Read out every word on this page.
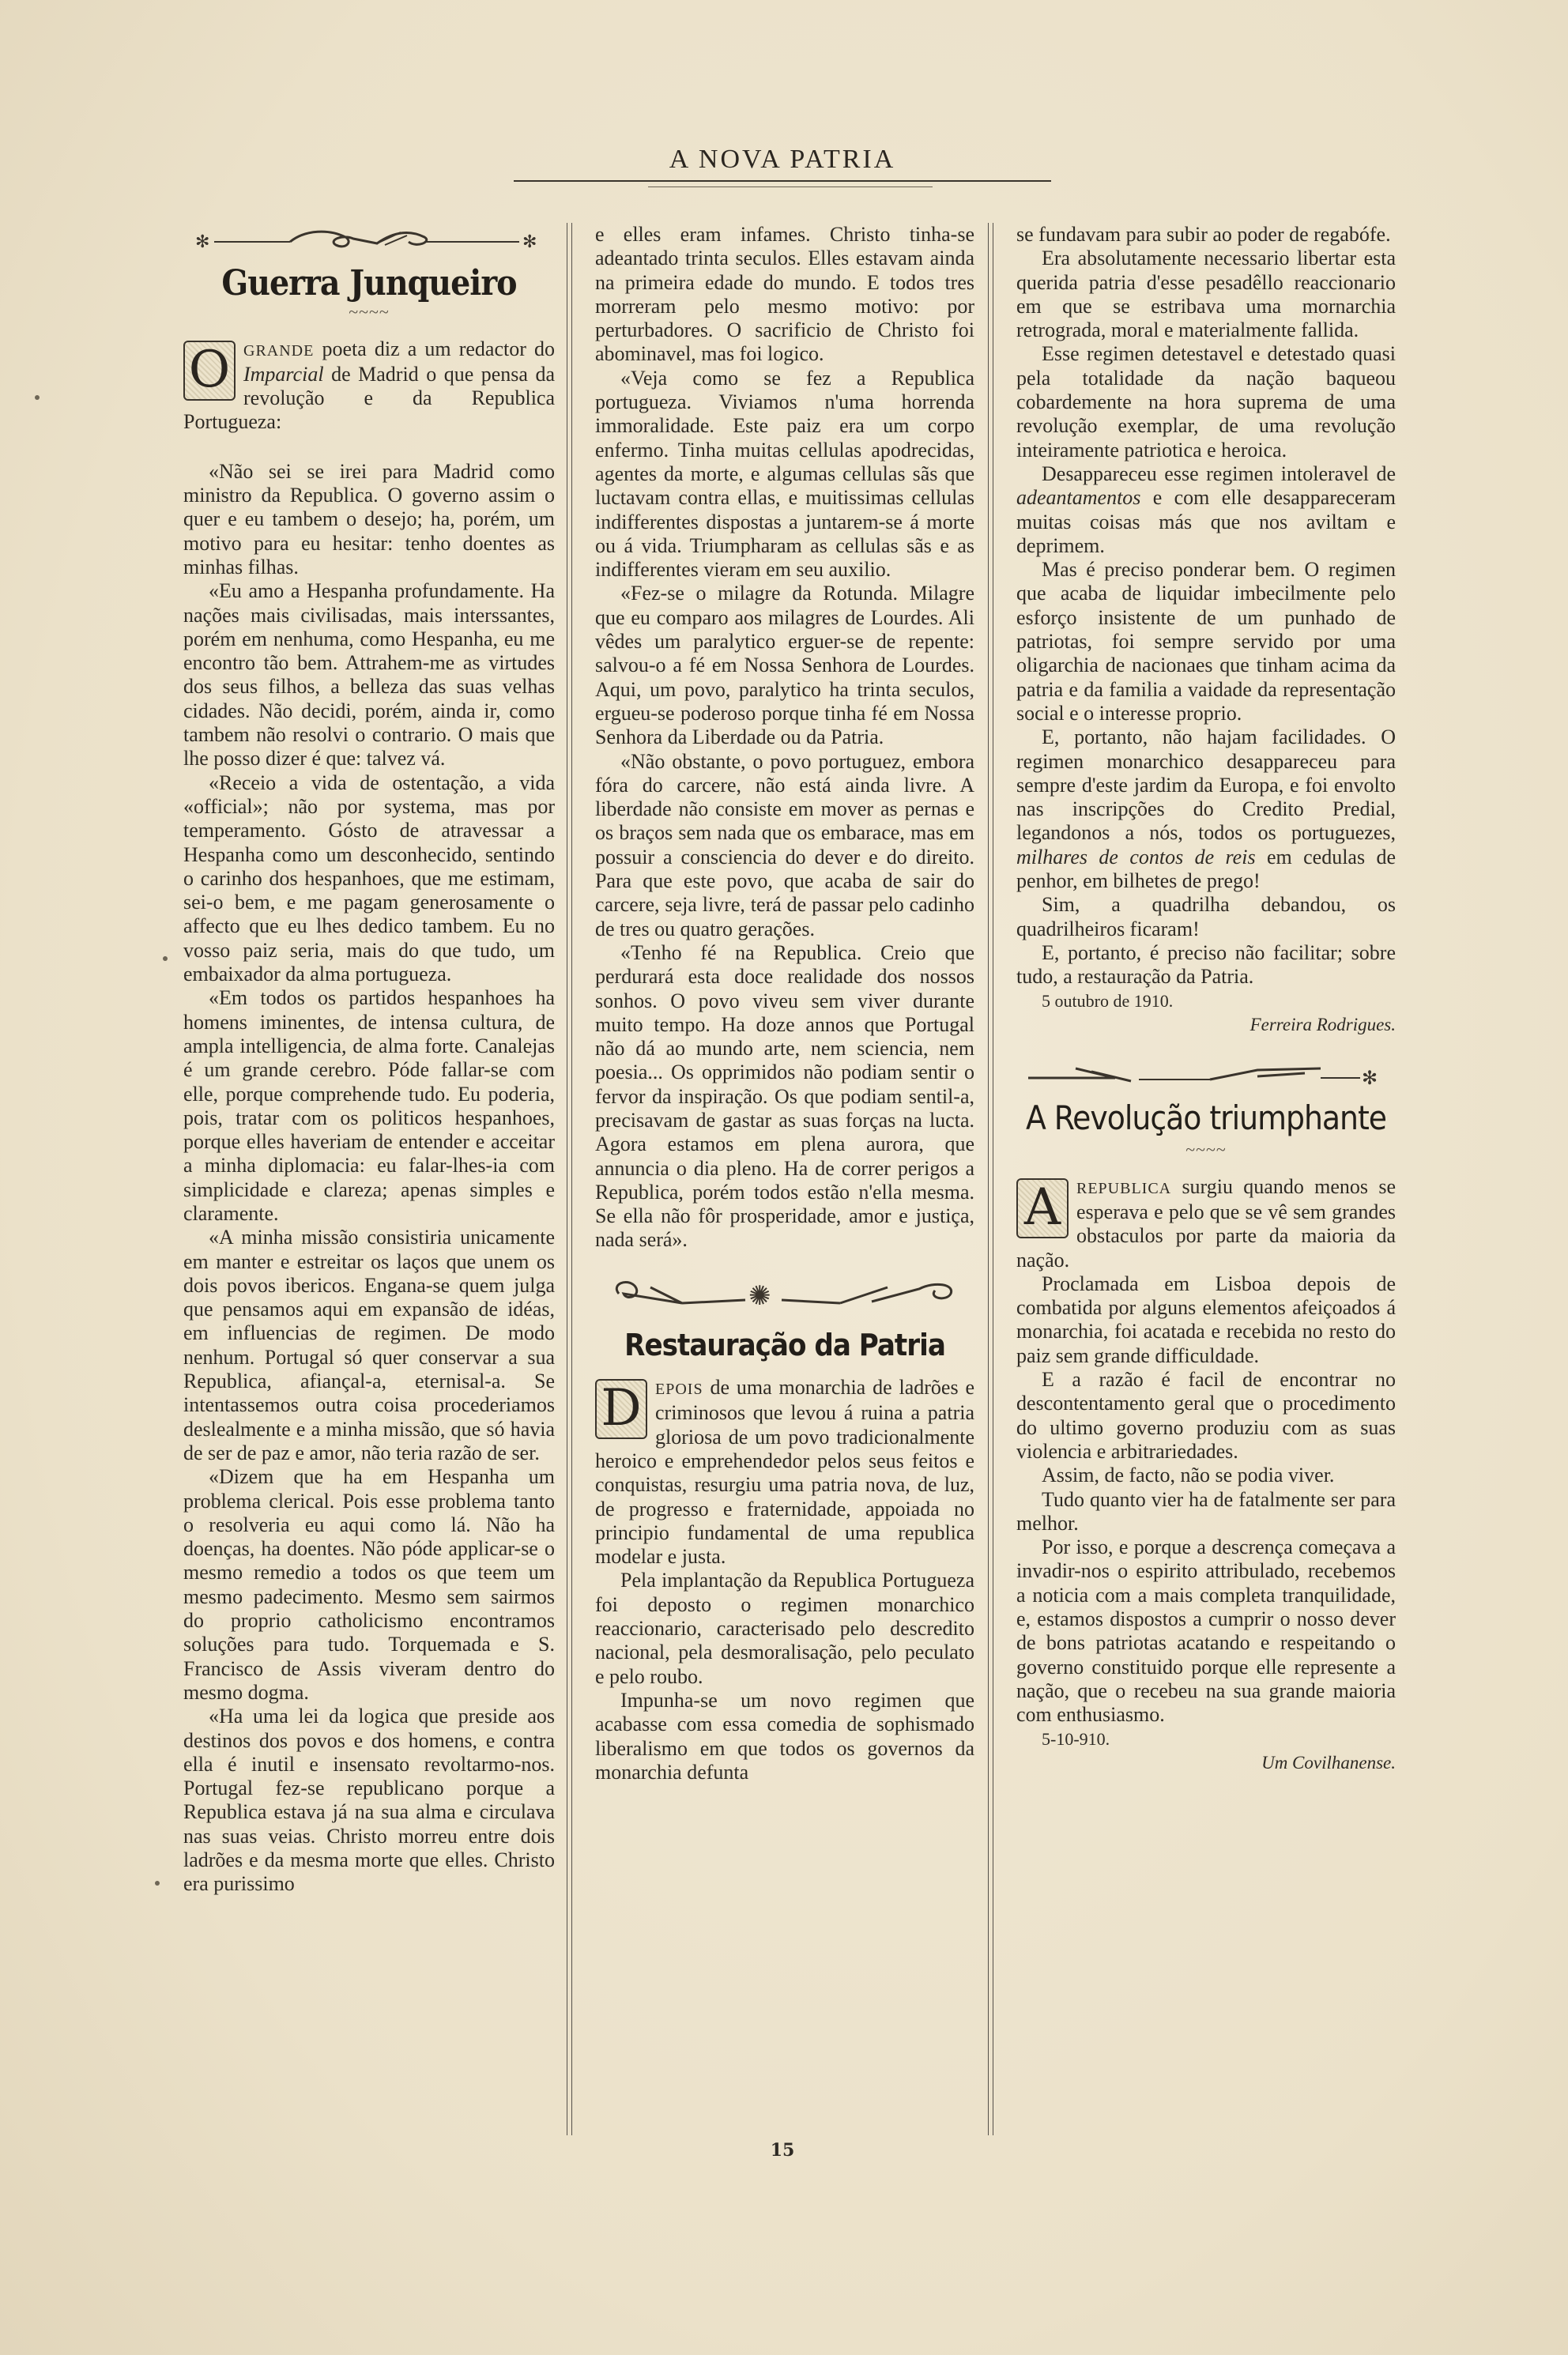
A NOVA PATRIA
✻	✻
Guerra Junqueiro
~~~~

O GRANDE poeta diz a um redactor do Imparcial de Madrid o que pensa da revolução e da Republica Portugueza:

«Não sei se irei para Madrid como ministro da Republica. O governo assim o quer e eu tambem o desejo; ha, porém, um motivo para eu hesitar: tenho doentes as minhas filhas.

«Eu amo a Hespanha profundamente. Ha nações mais civilisadas, mais interssantes, porém em nenhuma, como Hespanha, eu me encontro tão bem. Attrahem-me as virtudes dos seus filhos, a belleza das suas velhas cidades. Não decidi, porém, ainda ir, como tambem não resolvi o contrario. O mais que lhe posso dizer é que: talvez vá.

«Receio a vida de ostentação, a vida «official»; não por systema, mas por temperamento. Gósto de atravessar a Hespanha como um desconhecido, sentindo o carinho dos hespanhoes, que me estimam, sei-o bem, e me pagam generosamente o affecto que eu lhes dedico tambem. Eu no vosso paiz seria, mais do que tudo, um embaixador da alma portugueza.

«Em todos os partidos hespanhoes ha homens iminentes, de intensa cultura, de ampla intelligencia, de alma forte. Canalejas é um grande cerebro. Póde fallar-se com elle, porque comprehende tudo. Eu poderia, pois, tratar com os politicos hespanhoes, porque elles haveriam de entender e acceitar a minha diplomacia: eu falar-lhes-ia com simplicidade e clareza; apenas simples e claramente.

«A minha missão consistiria unicamente em manter e estreitar os laços que unem os dois povos ibericos. Engana-se quem julga que pensamos aqui em expansão de idéas, em influencias de regimen. De modo nenhum. Portugal só quer conservar a sua Republica, afiançal-a, eternisal-a. Se intentassemos outra coisa procederiamos deslealmente e a minha missão, que só havia de ser de paz e amor, não teria razão de ser.

«Dizem que ha em Hespanha um problema clerical. Pois esse problema tanto o resolveria eu aqui como lá. Não ha doenças, ha doentes. Não póde applicar-se o mesmo remedio a todos os que teem um mesmo padecimento. Mesmo sem sairmos do proprio catholicismo encontramos soluções para tudo. Torquemada e S. Francisco de Assis viveram dentro do mesmo dogma.

«Ha uma lei da logica que preside aos destinos dos povos e dos homens, e contra ella é inutil e insensato revoltarmo-nos. Portugal fez-se republicano porque a Republica estava já na sua alma e circulava nas suas veias. Christo morreu entre dois ladrões e da mesma morte que elles. Christo era purissimo

e elles eram infames. Christo tinha-se adeantado trinta seculos. Elles estavam ainda na primeira edade do mundo. E todos tres morreram pelo mesmo motivo: por perturbadores. O sacrificio de Christo foi abominavel, mas foi logico.

«Veja como se fez a Republica portugueza. Viviamos n'uma horrenda immoralidade. Este paiz era um corpo enfermo. Tinha muitas cellulas apodrecidas, agentes da morte, e algumas cellulas sãs que luctavam contra ellas, e muitissimas cellulas indifferentes dispostas a juntarem-se á morte ou á vida. Triumpharam as cellulas sãs e as indifferentes vieram em seu auxilio.

«Fez-se o milagre da Rotunda. Milagre que eu comparo aos milagres de Lourdes. Ali vêdes um paralytico erguer-se de repente: salvou-o a fé em Nossa Senhora de Lourdes. Aqui, um povo, paralytico ha trinta seculos, ergueu-se poderoso porque tinha fé em Nossa Senhora da Liberdade ou da Patria.

«Não obstante, o povo portuguez, embora fóra do carcere, não está ainda livre. A liberdade não consiste em mover as pernas e os braços sem nada que os embarace, mas em possuir a consciencia do dever e do direito. Para que este povo, que acaba de sair do carcere, seja livre, terá de passar pelo cadinho de tres ou quatro gerações.

«Tenho fé na Republica. Creio que perdurará esta doce realidade dos nossos sonhos. O povo viveu sem viver durante muito tempo. Ha doze annos que Portugal não dá ao mundo arte, nem sciencia, nem poesia... Os opprimidos não podiam sentir o fervor da inspiração. Os que podiam sentil-a, precisavam de gastar as suas forças na lucta. Agora estamos em plena aurora, que annuncia o dia pleno. Ha de correr perigos a Republica, porém todos estão n'ella mesma. Se ella não fôr prosperidade, amor e justiça, nada será».

✺
Restauração da Patria

D EPOIS de uma monarchia de ladrões e criminosos que levou á ruina a patria gloriosa de um povo tradicionalmente heroico e emprehendedor pelos seus feitos e conquistas, resurgiu uma patria nova, de luz, de progresso e fraternidade, appoiada no principio fundamental de uma republica modelar e justa.

Pela implantação da Republica Portugueza foi deposto o regimen monarchico reaccionario, caracterisado pelo descredito nacional, pela desmoralisação, pelo peculato e pelo roubo.

Impunha-se um novo regimen que acabasse com essa comedia de sophismado liberalismo em que todos os governos da monarchia defunta

se fundavam para subir ao poder de regabófe.

Era absolutamente necessario libertar esta querida patria d'esse pesadêllo reaccionario em que se estribava uma mornarchia retrograda, moral e materialmente fallida.

Esse regimen detestavel e detestado quasi pela totalidade da nação baqueou cobardemente na hora suprema de uma revolução exemplar, de uma revolução inteiramente patriotica e heroica.

Desappareceu esse regimen intoleravel de adeantamentos e com elle desappareceram muitas coisas más que nos aviltam e deprimem.

Mas é preciso ponderar bem. O regimen que acaba de liquidar imbecilmente pelo esforço insistente de um punhado de patriotas, foi sempre servido por uma oligarchia de nacionaes que tinham acima da patria e da familia a vaidade da representação social e o interesse proprio.

E, portanto, não hajam facilidades. O regimen monarchico desappareceu para sempre d'este jardim da Europa, e foi envolto nas inscripções do Credito Predial, legandonos a nós, todos os portuguezes, milhares de contos de reis em cedulas de penhor, em bilhetes de prego!

Sim, a quadrilha debandou, os quadrilheiros ficaram!

E, portanto, é preciso não facilitar; sobre tudo, a restauração da Patria.

5 outubro de 1910.

Ferreira Rodrigues.

✻
A Revolução triumphante
~~~~

A REPUBLICA surgiu quando menos se esperava e pelo que se vê sem grandes obstaculos por parte da maioria da nação.

Proclamada em Lisboa depois de combatida por alguns elementos afeiçoados á monarchia, foi acatada e recebida no resto do paiz sem grande difficuldade.

E a razão é facil de encontrar no descontentamento geral que o procedimento do ultimo governo produziu com as suas violencia e arbitrariedades.

Assim, de facto, não se podia viver.

Tudo quanto vier ha de fatalmente ser para melhor.

Por isso, e porque a descrença começava a invadir-nos o espirito attribulado, recebemos a noticia com a mais completa tranquilidade, e, estamos dispostos a cumprir o nosso dever de bons patriotas acatando e respeitando o governo constituido porque elle represente a nação, que o recebeu na sua grande maioria com enthusiasmo.

5-10-910.

Um Covilhanense.

15
